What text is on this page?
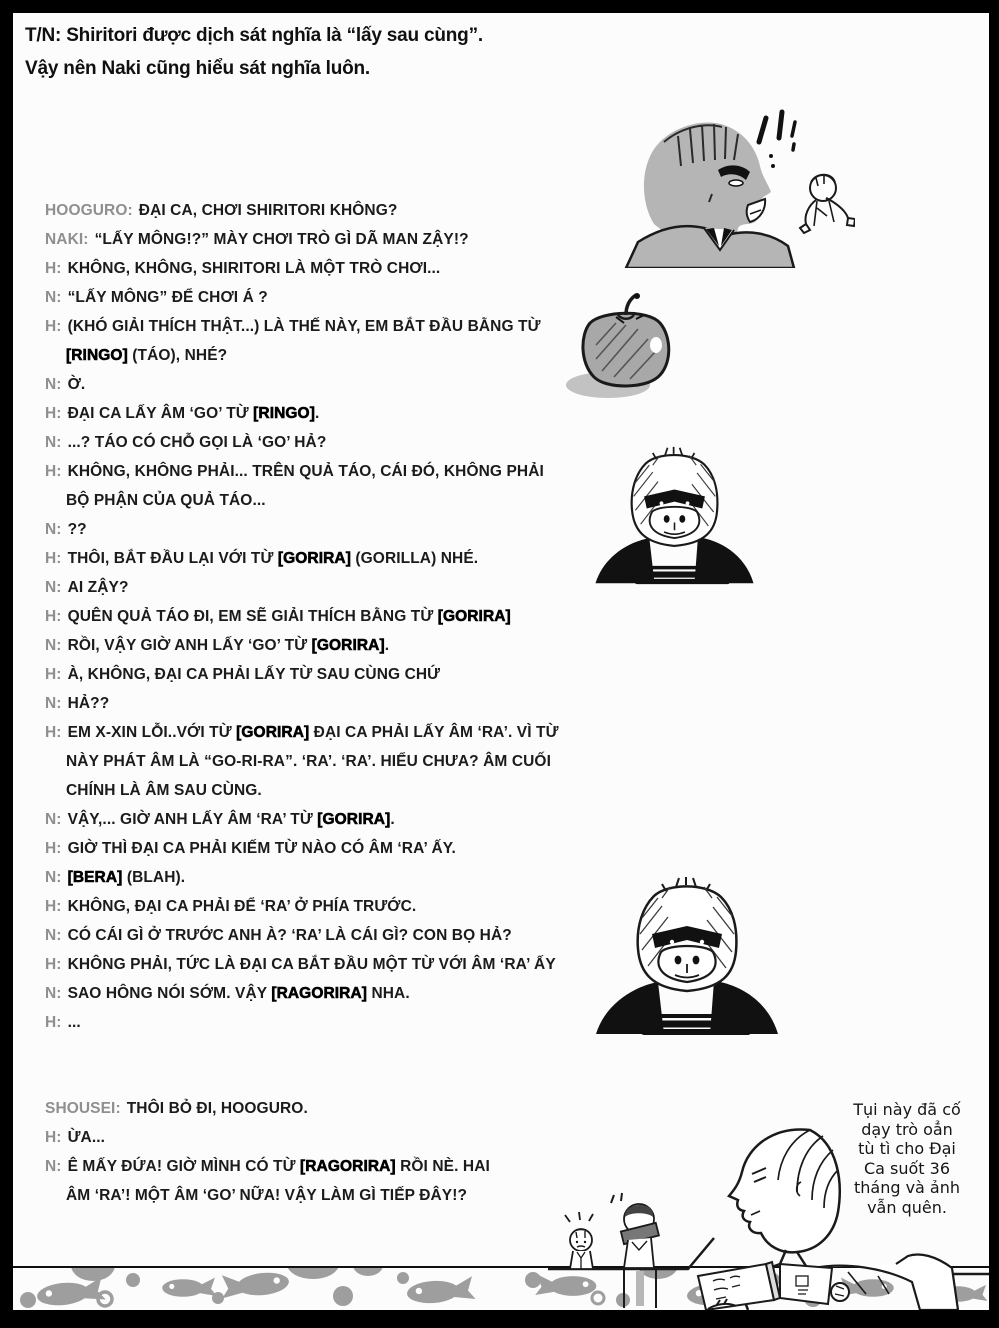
T/N: Shiritori được dịch sát nghĩa là “lấy sau cùng”.
Vậy nên Naki cũng hiểu sát nghĩa luôn.
HOOGURO: ĐẠI CA, CHƠI SHIRITORI KHÔNG?
NAKI: “LẤY MÔNG!?” MÀY CHƠI TRÒ GÌ DÃ MAN ZẬY!?
H: KHÔNG, KHÔNG, SHIRITORI LÀ MỘT TRÒ CHƠI...
N: “LẤY MÔNG” ĐỂ CHƠI Á ?
H: (KHÓ GIẢI THÍCH THẬT...) LÀ THẾ NÀY, EM BẮT ĐẦU BẰNG TỪ
[RINGO] (TÁO), NHÉ?
N: Ờ.
H: ĐẠI CA LẤY ÂM ‘GO’ TỪ [RINGO].
N: ...? TÁO CÓ CHỖ GỌI LÀ ‘GO’ HẢ?
H: KHÔNG, KHÔNG PHẢI... TRÊN QUẢ TÁO, CÁI ĐÓ, KHÔNG PHẢI
BỘ PHẬN CỦA QUẢ TÁO...
N: ??
H: THÔI, BẮT ĐẦU LẠI VỚI TỪ [GORIRA] (GORILLA) NHÉ.
N: AI ZẬY?
H: QUÊN QUẢ TÁO ĐI, EM SẼ GIẢI THÍCH BẰNG TỪ [GORIRA]
N: RỒI, VẬY GIỜ ANH LẤY ‘GO’ TỪ [GORIRA].
H: À, KHÔNG, ĐẠI CA PHẢI LẤY TỪ SAU CÙNG CHỨ
N: HẢ??
H: EM X-XIN LỖI..VỚI TỪ [GORIRA] ĐẠI CA PHẢI LẤY ÂM ‘RA’. VÌ TỪ
NÀY PHÁT ÂM LÀ “GO-RI-RA”. ‘RA’. ‘RA’. HIỂU CHƯA? ÂM CUỐI
CHÍNH LÀ ÂM SAU CÙNG.
N: VẬY,... GIỜ ANH LẤY ÂM ‘RA’ TỪ [GORIRA].
H: GIỜ THÌ ĐẠI CA PHẢI KIẾM TỪ NÀO CÓ ÂM ‘RA’ ẤY.
N: [BERA] (BLAH).
H: KHÔNG, ĐẠI CA PHẢI ĐỂ ‘RA’ Ở PHÍA TRƯỚC.
N: CÓ CÁI GÌ Ở TRƯỚC ANH À? ‘RA’ LÀ CÁI GÌ? CON BỌ HẢ?
H: KHÔNG PHẢI, TỨC LÀ ĐẠI CA BẮT ĐẦU MỘT TỪ VỚI ÂM ‘RA’ ẤY
N: SAO HÔNG NÓI SỚM. VẬY [RAGORIRA] NHA.
H: ...
SHOUSEI: THÔI BỎ ĐI, HOOGURO.
H: ỪA...
N: Ê MẤY ĐỨA! GIỜ MÌNH CÓ TỪ [RAGORIRA] RỒI NÈ. HAI
ÂM ‘RA’! MỘT ÂM ‘GO’ NỮA! VẬY LÀM GÌ TIẾP ĐÂY!?
Tụi này đã cố
dạy trò oẳn
tù tì cho Đại
Ca suốt 36
tháng và ảnh
vẫn quên.
